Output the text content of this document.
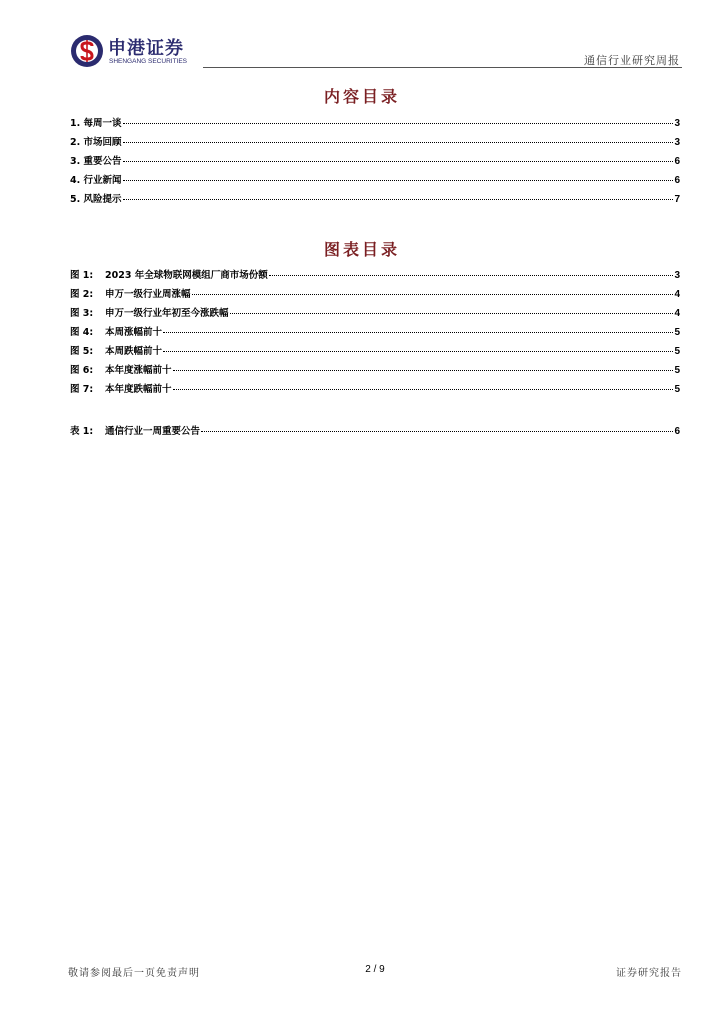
申港证券
SHENGANG SECURITIES	通信行业研究周报
内容目录
1. 每周一谈	3
2. 市场回顾	3
3. 重要公告	6
4. 行业新闻	6
5. 风险提示	7
图表目录
图 1: 2023 年全球物联网模组厂商市场份额	3
图 2: 申万一级行业周涨幅	4
图 3: 申万一级行业年初至今涨跌幅	4
图 4: 本周涨幅前十	5
图 5: 本周跌幅前十	5
图 6: 本年度涨幅前十	5
图 7: 本年度跌幅前十	5
表 1: 通信行业一周重要公告	6
敬请参阅最后一页免责声明	2 / 9	证券研究报告
